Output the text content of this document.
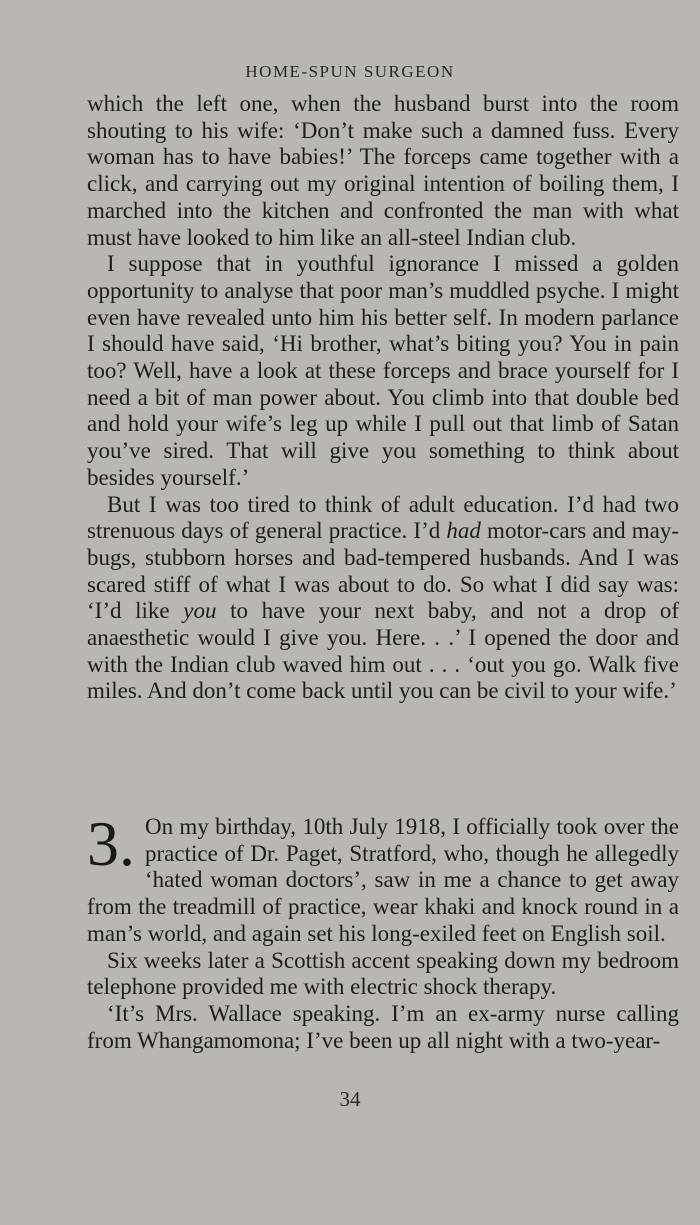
HOME-SPUN SURGEON

which the left one, when the husband burst into the room shouting to his wife: ‘Don’t make such a damned fuss. Every woman has to have babies!’ The forceps came together with a click, and carrying out my original intention of boiling them, I marched into the kitchen and confronted the man with what must have looked to him like an all-steel Indian club.

I suppose that in youthful ignorance I missed a golden opportunity to analyse that poor man’s muddled psyche. I might even have revealed unto him his better self. In modern parlance I should have said, ‘Hi brother, what’s biting you? You in pain too? Well, have a look at these forceps and brace yourself for I need a bit of man power about. You climb into that double bed and hold your wife’s leg up while I pull out that limb of Satan you’ve sired. That will give you something to think about besides yourself.’

But I was too tired to think of adult education. I’d had two strenuous days of general practice. I’d had motor-cars and may-bugs, stubborn horses and bad-tempered husbands. And I was scared stiff of what I was about to do. So what I did say was: ‘I’d like you to have your next baby, and not a drop of anaesthetic would I give you. Here. . .’ I opened the door and with the Indian club waved him out . . . ‘out you go. Walk five miles. And don’t come back until you can be civil to your wife.’

3. On my birthday, 10th July 1918, I officially took over the practice of Dr. Paget, Stratford, who, though he allegedly ‘hated woman doctors’, saw in me a chance to get away from the treadmill of practice, wear khaki and knock round in a man’s world, and again set his long-exiled feet on English soil.

Six weeks later a Scottish accent speaking down my bedroom telephone provided me with electric shock therapy.

‘It’s Mrs. Wallace speaking. I’m an ex-army nurse calling from Whangamomona; I’ve been up all night with a two-year-

34
